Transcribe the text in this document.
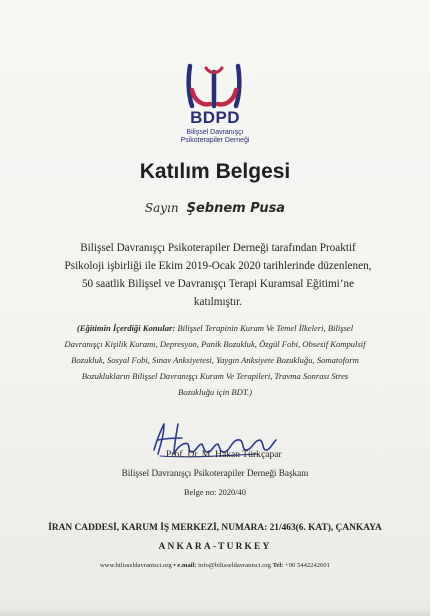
BDPD
Bilişsel Davranışçı
Psikoterapiler Derneği
Katılım Belgesi
Sayın Şebnem Pusa
Bilişsel Davranışçı Psikoterapiler Derneği tarafından Proaktif
Psikoloji işbirliği ile Ekim 2019-Ocak 2020 tarihlerinde düzenlenen,
50 saatlik Bilişsel ve Davranışçı Terapi Kuramsal Eğitimi’ne
katılmıştır.
(Eğitimin İçerdiği Konular: Bilişsel Terapinin Kuram Ve Temel İlkeleri, Bilişsel
Davranışçı Kişilik Kuramı, Depresyon, Panik Bozukluk, Özgül Fobi, Obsesif Kompulsif
Bozukluk, Sosyal Fobi, Sınav Anksiyetesi, Yaygın Anksiyete Bozukluğu, Somatoform
Bozuklukların Bilişsel Davranışçı Kuram Ve Terapileri, Travma Sonrası Stres
Bozukluğu için BDT.)
Prof. Dr. M. Hakan Türkçapar
Bilişsel Davranışçı Psikoterapiler Derneği Başkanı
Belge no: 2020/40
İRAN CADDESİ, KARUM İŞ MERKEZİ, NUMARA: 21/463(6. KAT), ÇANKAYA
ANKARA-TURKEY
www.bilisseldavranisci.org • e.mail: info@bilisseldavranisci.org Tel: +90 5442242601
